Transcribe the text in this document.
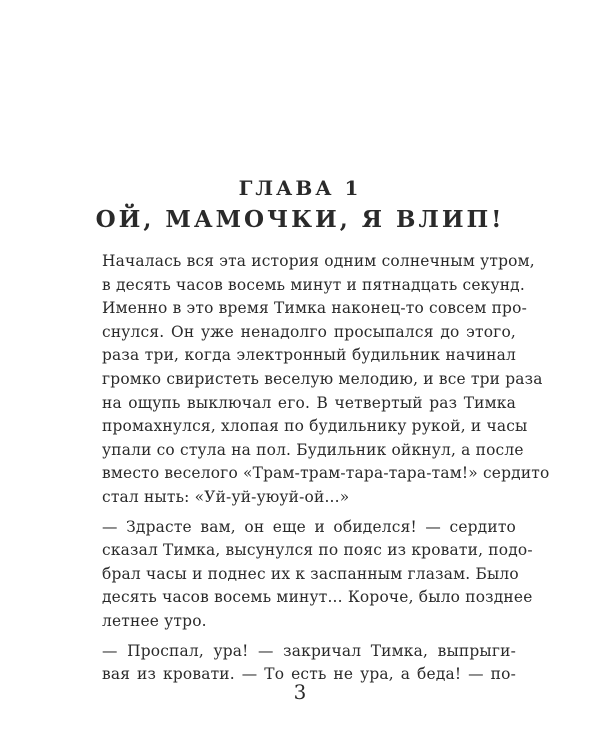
ГЛАВА 1
ОЙ, МАМОЧКИ, Я ВЛИП!
Началась вся эта история одним солнечным утром,
в десять часов восемь минут и пятнадцать секунд.
Именно в это время Тимка наконец-то совсем про-
снулся. Он уже ненадолго просыпался до этого,
раза три, когда электронный будильник начинал
громко свиристеть веселую мелодию, и все три раза
на ощупь выключал его. В четвертый раз Тимка
промахнулся, хлопая по будильнику рукой, и часы
упали со стула на пол. Будильник ойкнул, а после
вместо веселого «Трам-трам-тара-тара-там!» сердито
стал ныть: «Уй-уй-уюуй-ой...»
— Здрасте вам, он еще и обиделся! — сердито
сказал Тимка, высунулся по пояс из кровати, подо-
брал часы и поднес их к заспанным глазам. Было
десять часов восемь минут... Короче, было позднее
летнее утро.
— Проспал, ура! — закричал Тимка, выпрыги-
вая из кровати. — То есть не ура, а беда! — по-
3
